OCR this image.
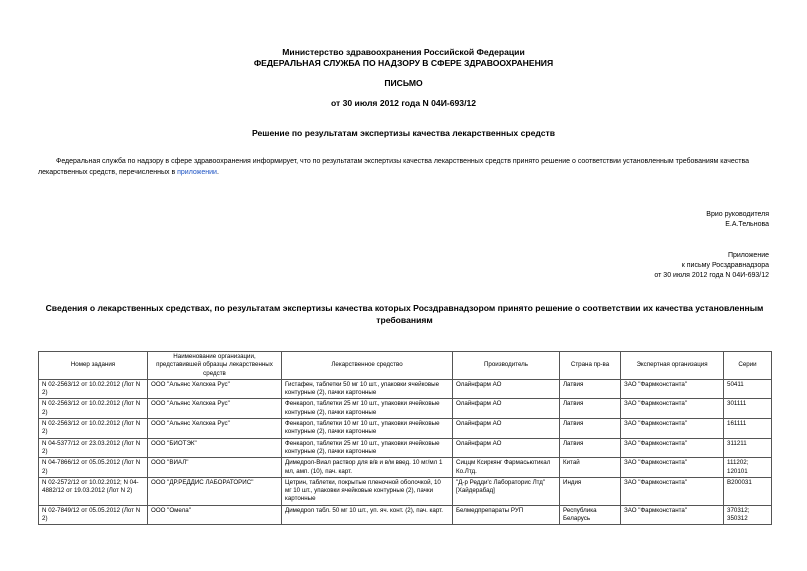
Министерство здравоохранения Российской Федерации
ФЕДЕРАЛЬНАЯ СЛУЖБА ПО НАДЗОРУ В СФЕРЕ ЗДРАВООХРАНЕНИЯ
ПИСЬМО
от 30 июля 2012 года N 04И-693/12
Решение по результатам экспертизы качества лекарственных средств

Федеральная служба по надзору в сфере здравоохранения информирует, что по результатам экспертизы качества лекарственных средств принято решение о соответствии установленным требованиям качества лекарственных средств, перечисленных в приложении.

Врио руководителя
Е.А.Тельнова
Приложение
к письму Росздравнадзора
от 30 июля 2012 года N 04И-693/12
Сведения о лекарственных средствах, по результатам экспертизы качества которых Росздравнадзором принято решение о соответствии их качества установленным требованиям
Номер задания	Наименование организации, представившей образцы лекарственных средств	Лекарственное средство	Производитель	Страна пр-ва	Экспертная организация	Серии
N 02-2563/12 от 10.02.2012 (Лот N 2)	ООО "Альянс Хелскеа Рус"	Гистафен, таблетки 50 мг 10 шт., упаковки ячейковые контурные (2), пачки картонные	Олайнфарм АО	Латвия	ЗАО "Фармконстанта"	50411
N 02-2563/12 от 10.02.2012 (Лот N 2)	ООО "Альянс Хелскеа Рус"	Фенкарол, таблетки 25 мг 10 шт., упаковки ячейковые контурные (2), пачки картонные	Олайнфарм АО	Латвия	ЗАО "Фармконстанта"	301111
N 02-2563/12 от 10.02.2012 (Лот N 2)	ООО "Альянс Хелскеа Рус"	Фенкарол, таблетки 10 мг 10 шт., упаковки ячейковые контурные (2), пачки картонные	Олайнфарм АО	Латвия	ЗАО "Фармконстанта"	161111
N 04-5377/12 от 23.03.2012 (Лот N 2)	ООО "БИОТЭК"	Фенкарол, таблетки 25 мг 10 шт., упаковки ячейковые контурные (2), пачки картонные	Олайнфарм АО	Латвия	ЗАО "Фармконстанта"	311211
N 04-7866/12 от 05.05.2012 (Лот N 2)	ООО "ВИАЛ"	Димедрол-Виал раствор для в/в и в/м введ. 10 мг/мл 1 мл, амп. (10), пач. карт.	Сиццм Ксиркянг Фармасьютикал Ко.Лтд.	Китай	ЗАО "Фармконстанта"	111202; 120101
N 02-2572/12 от 10.02.2012; N 04-4882/12 от 19.03.2012 (Лот N 2)	ООО "ДР.РЕДДИС ЛАБОРАТОРИС"	Цетрин, таблетки, покрытые пленочной оболочкой, 10 мг 10 шт., упаковки ячейковые контурные (2), пачки картонные	"Д-р Редди'с Лабораторис Лтд" [Хайдерабад]	Индия	ЗАО "Фармконстанта"	B200031
N 02-7849/12 от 05.05.2012 (Лот N 2)	ООО "Омела"	Димедрол табл. 50 мг 10 шт., уп. яч. конт. (2), пач. карт.	Белмедпрепараты РУП	Республика Беларусь	ЗАО "Фармконстанта"	370312; 350312
